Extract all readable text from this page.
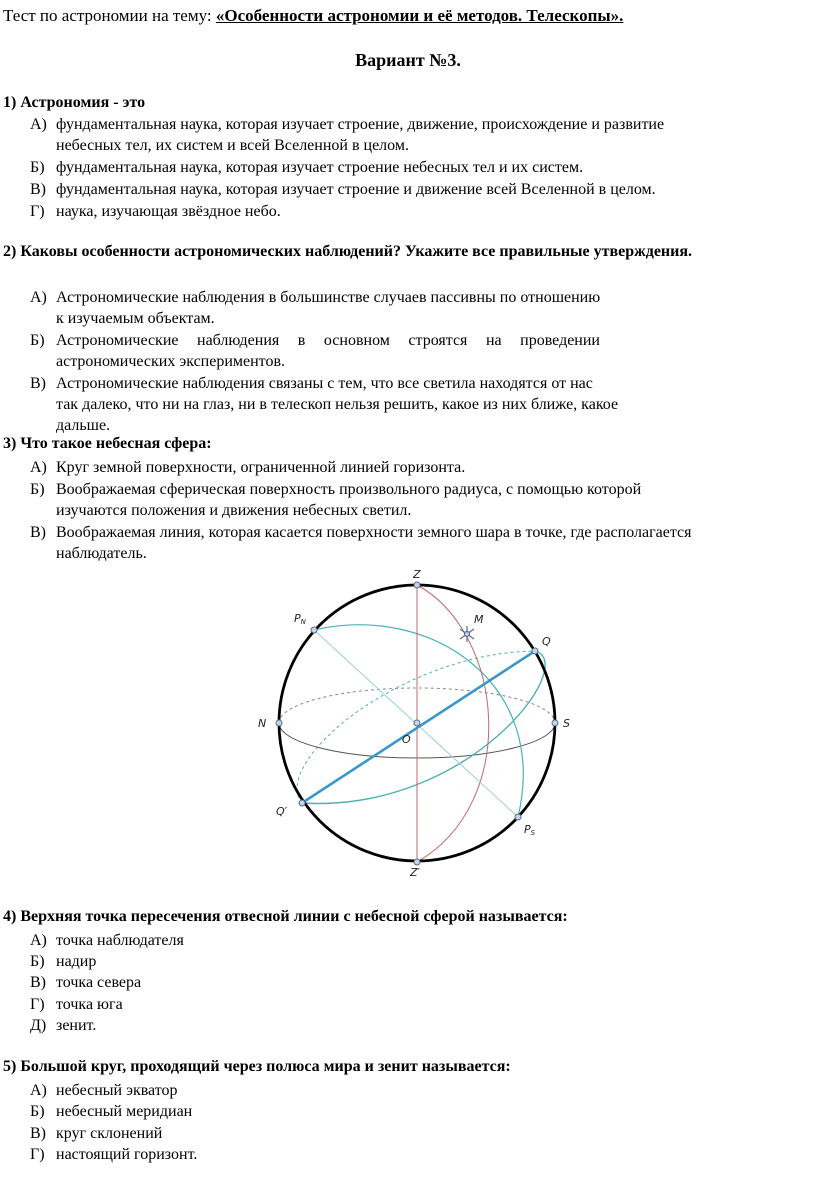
Тест по астрономии на тему: «Особенности астрономии и её методов. Телескопы».
Вариант №3.
1) Астрономия - это
А) фундаментальная наука, которая изучает строение, движение, происхождение и развитие
небесных тел, их систем и всей Вселенной в целом.
Б) фундаментальная наука, которая изучает строение небесных тел и их систем.
В) фундаментальная наука, которая изучает строение и движение всей Вселенной в целом.
Г) наука, изучающая звёздное небо.
2) Каковы особенности астрономических наблюдений? Укажите все правильные утверждения.
А) Астрономические наблюдения в большинстве случаев пассивны по отношению
к изучаемым объектам.
Б) Астрономические наблюдения в основном строятся на проведении
астрономических экспериментов.
В) Астрономические наблюдения связаны с тем, что все светила находятся от нас
так далеко, что ни на глаз, ни в телескоп нельзя решить, какое из них ближе, какое
дальше.
3) Что такое небесная сфера:
А) Круг земной поверхности, ограниченной линией горизонта.
Б) Воображаемая сферическая поверхность произвольного радиуса, с помощью которой
изучаются положения и движения небесных светил.
В) Воображаемая линия, которая касается поверхности земного шара в точке, где располагается
наблюдатель.
Z
Z′
PN
PS
N	S
O
M
Q
Q′
4) Верхняя точка пересечения отвесной линии с небесной сферой называется:
А) точка наблюдателя
Б) надир
В) точка севера
Г) точка юга
Д) зенит.
5) Большой круг, проходящий через полюса мира и зенит называется:
А) небесный экватор
Б) небесный меридиан
В) круг склонений
Г) настоящий горизонт.
